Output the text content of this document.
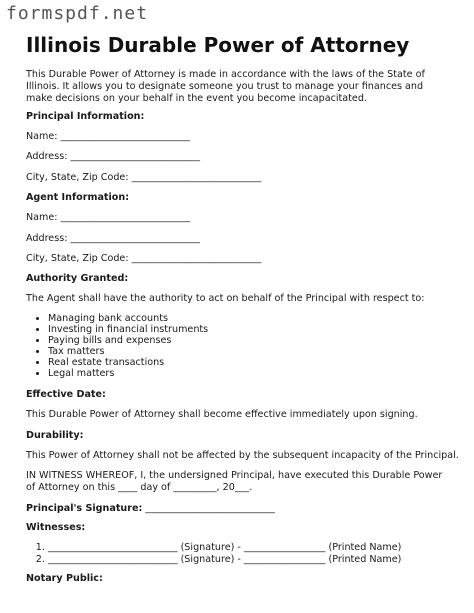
formspdf.net
Illinois Durable Power of Attorney
This Durable Power of Attorney is made in accordance with the laws of the State of Illinois. It allows you to designate someone you trust to manage your finances and make decisions on your behalf in the event you become incapacitated.
Principal Information:
Name: ___________________________
Address: ___________________________
City, State, Zip Code: ___________________________
Agent Information:
Name: ___________________________
Address: ___________________________
City, State, Zip Code: ___________________________
Authority Granted:
The Agent shall have the authority to act on behalf of the Principal with respect to:
• Managing bank accounts
• Investing in financial instruments
• Paying bills and expenses
• Tax matters
• Real estate transactions
• Legal matters
Effective Date:
This Durable Power of Attorney shall become effective immediately upon signing.
Durability:
This Power of Attorney shall not be affected by the subsequent incapacity of the Principal.
IN WITNESS WHEREOF, I, the undersigned Principal, have executed this Durable Power of Attorney on this ____ day of _________, 20___.
Principal's Signature: ___________________________
Witnesses:
1. ___________________________ (Signature) - _________________ (Printed Name)
2. ___________________________ (Signature) - _________________ (Printed Name)
Notary Public:
